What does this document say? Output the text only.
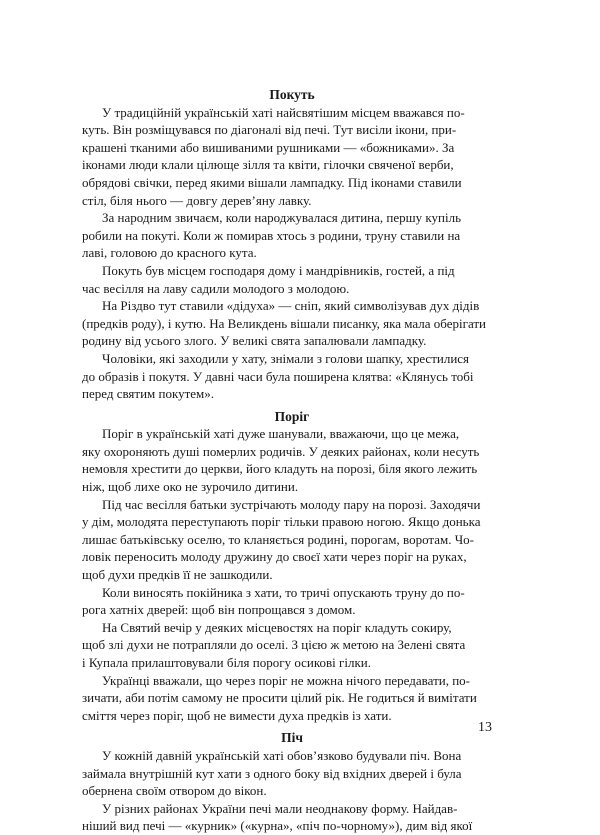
Покуть

У традиційній українській хаті найсвятішим місцем вважався по-
куть. Він розміщувався по діагоналі від печі. Тут висіли ікони, при-
крашені тканими або вишиваними рушниками — «божниками». За
іконами люди клали цілюще зілля та квіти, гілочки свяченої верби,
обрядові свічки, перед якими вішали лампадку. Під іконами ставили
стіл, біля нього — довгу дерев’яну лавку.

За народним звичаєм, коли народжувалася дитина, першу купіль
робили на покуті. Коли ж помирав хтось з родини, труну ставили на
лаві, головою до красного кута.

Покуть був місцем господаря дому і мандрівників, гостей, а під
час весілля на лаву садили молодого з молодою.

На Різдво тут ставили «дідуха» — сніп, який символізував дух дідів
(предків роду), і кутю. На Великдень вішали писанку, яка мала оберігати
родину від усього злого. У великі свята запалювали лампадку.

Чоловіки, які заходили у хату, знімали з голови шапку, хрестилися
до образів і покутя. У давні часи була поширена клятва: «Клянусь тобі
перед святим покутем».

Поріг

Поріг в українській хаті дуже шанували, вважаючи, що це межа,
яку охороняють душі померлих родичів. У деяких районах, коли несуть
немовля хрестити до церкви, його кладуть на порозі, біля якого лежить
ніж, щоб лихе око не зурочило дитини.

Під час весілля батьки зустрічають молоду пару на порозі. Заходячи
у дім, молодята переступають поріг тільки правою ногою. Якщо донька
лишає батьківську оселю, то кланяється родині, порогам, воротам. Чо-
ловік переносить молоду дружину до своєї хати через поріг на руках,
щоб духи предків її не зашкодили.

Коли виносять покійника з хати, то тричі опускають труну до по-
рога хатніх дверей: щоб він попрощався з домом.

На Святий вечір у деяких місцевостях на поріг кладуть сокиру,
щоб злі духи не потрапляли до оселі. З цією ж метою на Зелені свята
і Купала прилаштовували біля порогу осикові гілки.

Українці вважали, що через поріг не можна нічого передавати, по-
зичати, аби потім самому не просити цілий рік. Не годиться й вимітати
сміття через поріг, щоб не вимести духа предків із хати.

Піч

У кожній давній українській хаті обов’язково будували піч. Вона
займала внутрішній кут хати з одного боку від вхідних дверей і була
обернена своїм отвором до вікон.

У різних районах України печі мали неоднакову форму. Найдав-
ніший вид печі — «курник» («курна», «піч по-чорному»), дим від якої

13
